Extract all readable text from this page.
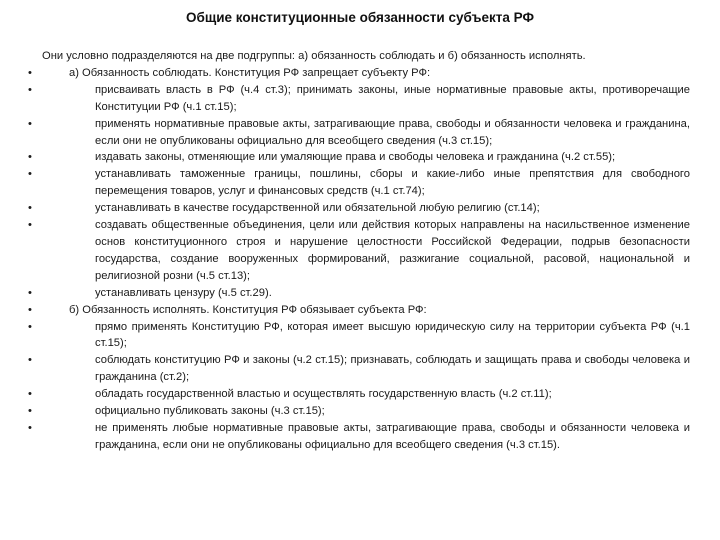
Общие конституционные обязанности субъекта РФ

Они условно подразделяются на две подгруппы: а) обязанность соблюдать и б) обязанность исполнять.

•	а) Обязанность соблюдать. Конституция РФ запрещает субъекту РФ:
•	присваивать власть в РФ (ч.4 ст.3); принимать законы, иные нормативные правовые акты, противоречащие Конституции РФ (ч.1 ст.15);
•	применять нормативные правовые акты, затрагивающие права, свободы и обязанности человека и гражданина, если они не опубликованы официально для всеобщего сведения (ч.3 ст.15);
•	издавать законы, отменяющие или умаляющие права и свободы человека и гражданина (ч.2 ст.55);
•	устанавливать таможенные границы, пошлины, сборы и какие-либо иные препятствия для свободного перемещения товаров, услуг и финансовых средств (ч.1 ст.74);
•	устанавливать в качестве государственной или обязательной любую религию (ст.14);
•	создавать общественные объединения, цели или действия которых направлены на насильственное изменение основ конституционного строя и нарушение целостности Российской Федерации, подрыв безопасности государства, создание вооруженных формирований, разжигание социальной, расовой, национальной и религиозной розни (ч.5 ст.13);
•	устанавливать цензуру (ч.5 ст.29).
•	б) Обязанность исполнять. Конституция РФ обязывает субъекта РФ:
•	прямо применять Конституцию РФ, которая имеет высшую юридическую силу на территории субъекта РФ (ч.1 ст.15);
•	соблюдать конституцию РФ и законы (ч.2 ст.15); признавать, соблюдать и защищать права и свободы человека и гражданина (ст.2);
•	обладать государственной властью и осуществлять государственную власть (ч.2 ст.11);
•	официально публиковать законы (ч.3 ст.15);
•	не применять любые нормативные правовые акты, затрагивающие права, свободы и обязанности человека и гражданина, если они не опубликованы официально для всеобщего сведения (ч.3 ст.15).
